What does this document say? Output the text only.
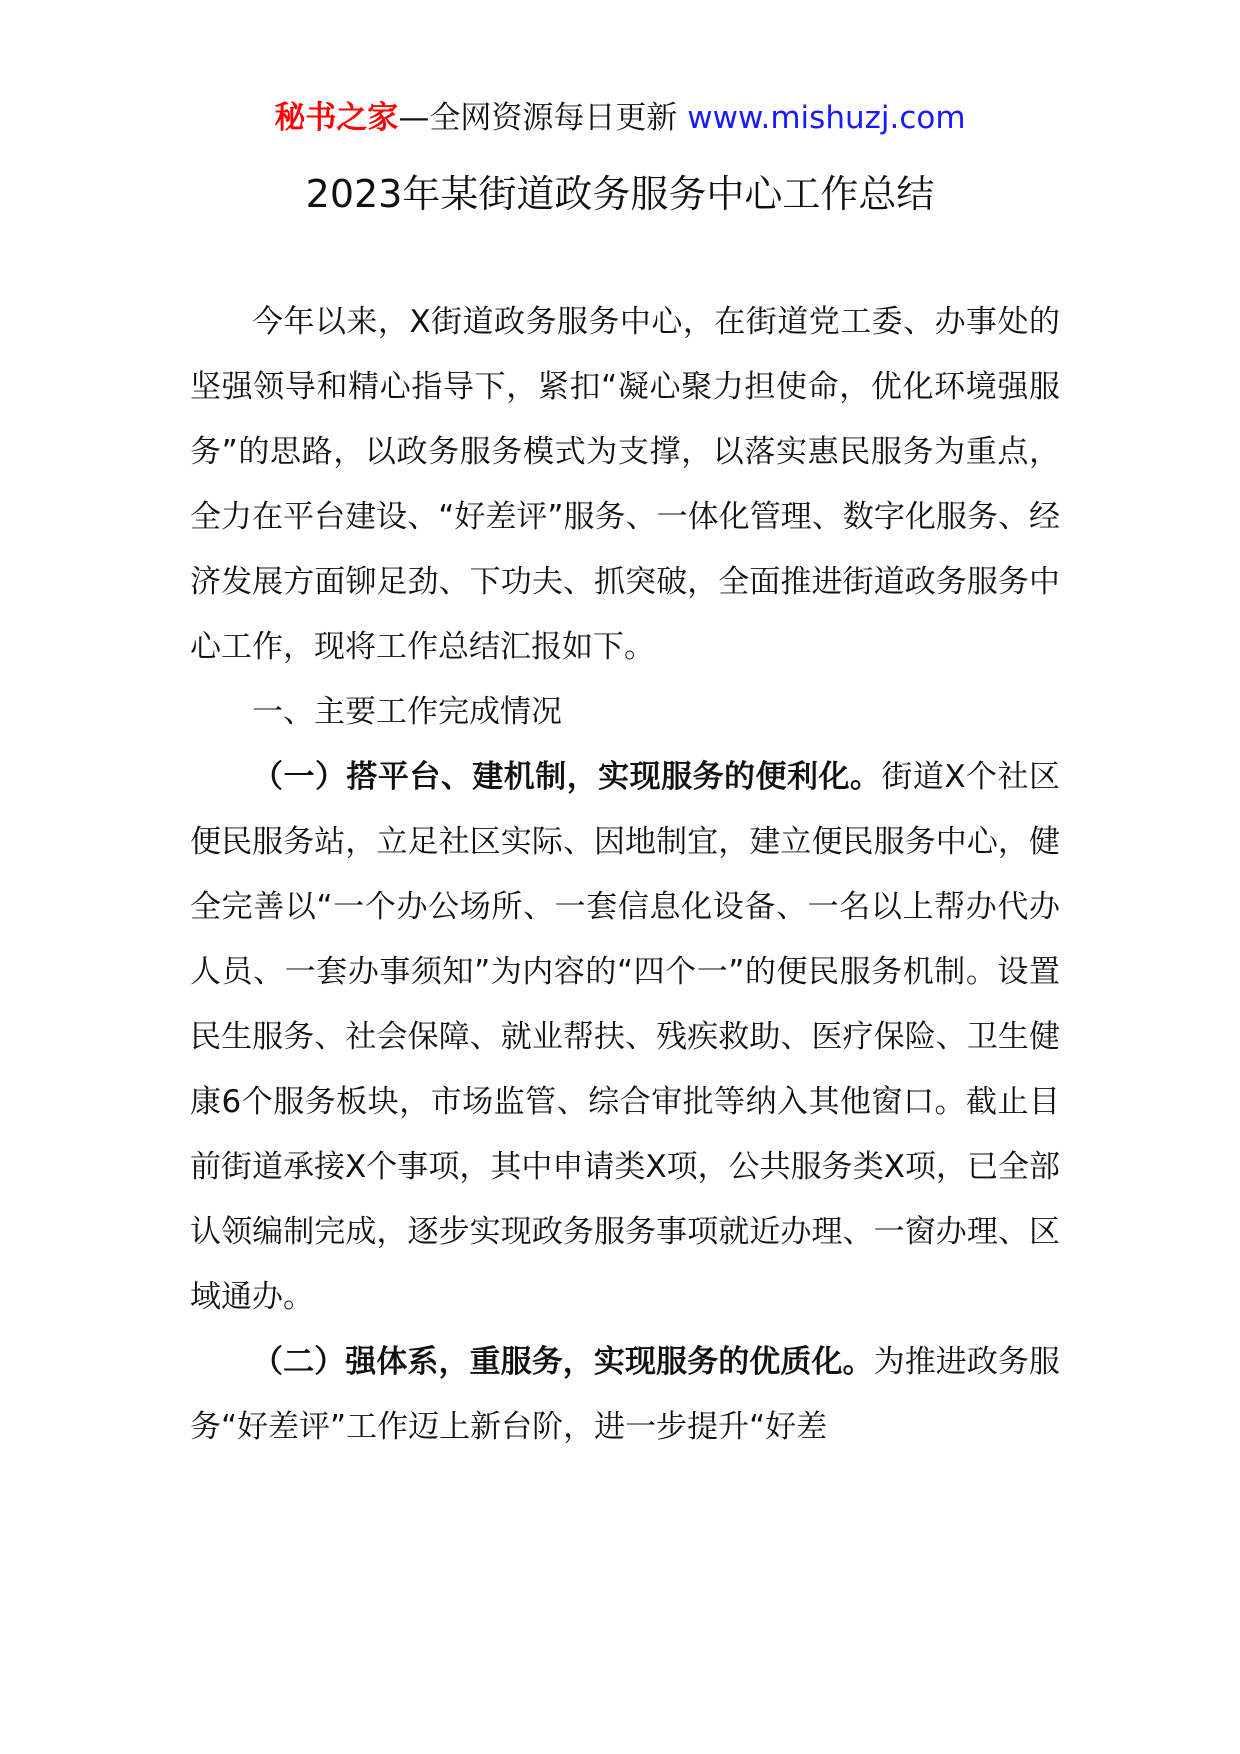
秘书之家—全网资源每日更新 www.mishuzj.com
2023年某街道政务服务中心工作总结

今年以来，X街道政务服务中心，在街道党工委、办事处的坚强领导和精心指导下，紧扣“凝心聚力担使命，优化环境强服务”的思路，以政务服务模式为支撑，以落实惠民服务为重点，全力在平台建设、“好差评”服务、一体化管理、数字化服务、经济发展方面铆足劲、下功夫、抓突破，全面推进街道政务服务中心工作，现将工作总结汇报如下。

一、主要工作完成情况

（一）搭平台、建机制，实现服务的便利化。街道X个社区便民服务站，立足社区实际、因地制宜，建立便民服务中心，健全完善以“一个办公场所、一套信息化设备、一名以上帮办代办人员、一套办事须知”为内容的“四个一”的便民服务机制。设置民生服务、社会保障、就业帮扶、残疾救助、医疗保险、卫生健康6个服务板块，市场监管、综合审批等纳入其他窗口。截止目前街道承接X个事项，其中申请类X项，公共服务类X项，已全部认领编制完成，逐步实现政务服务事项就近办理、一窗办理、区域通办。

（二）强体系，重服务，实现服务的优质化。为推进政务服务“好差评”工作迈上新台阶，进一步提升“好差
